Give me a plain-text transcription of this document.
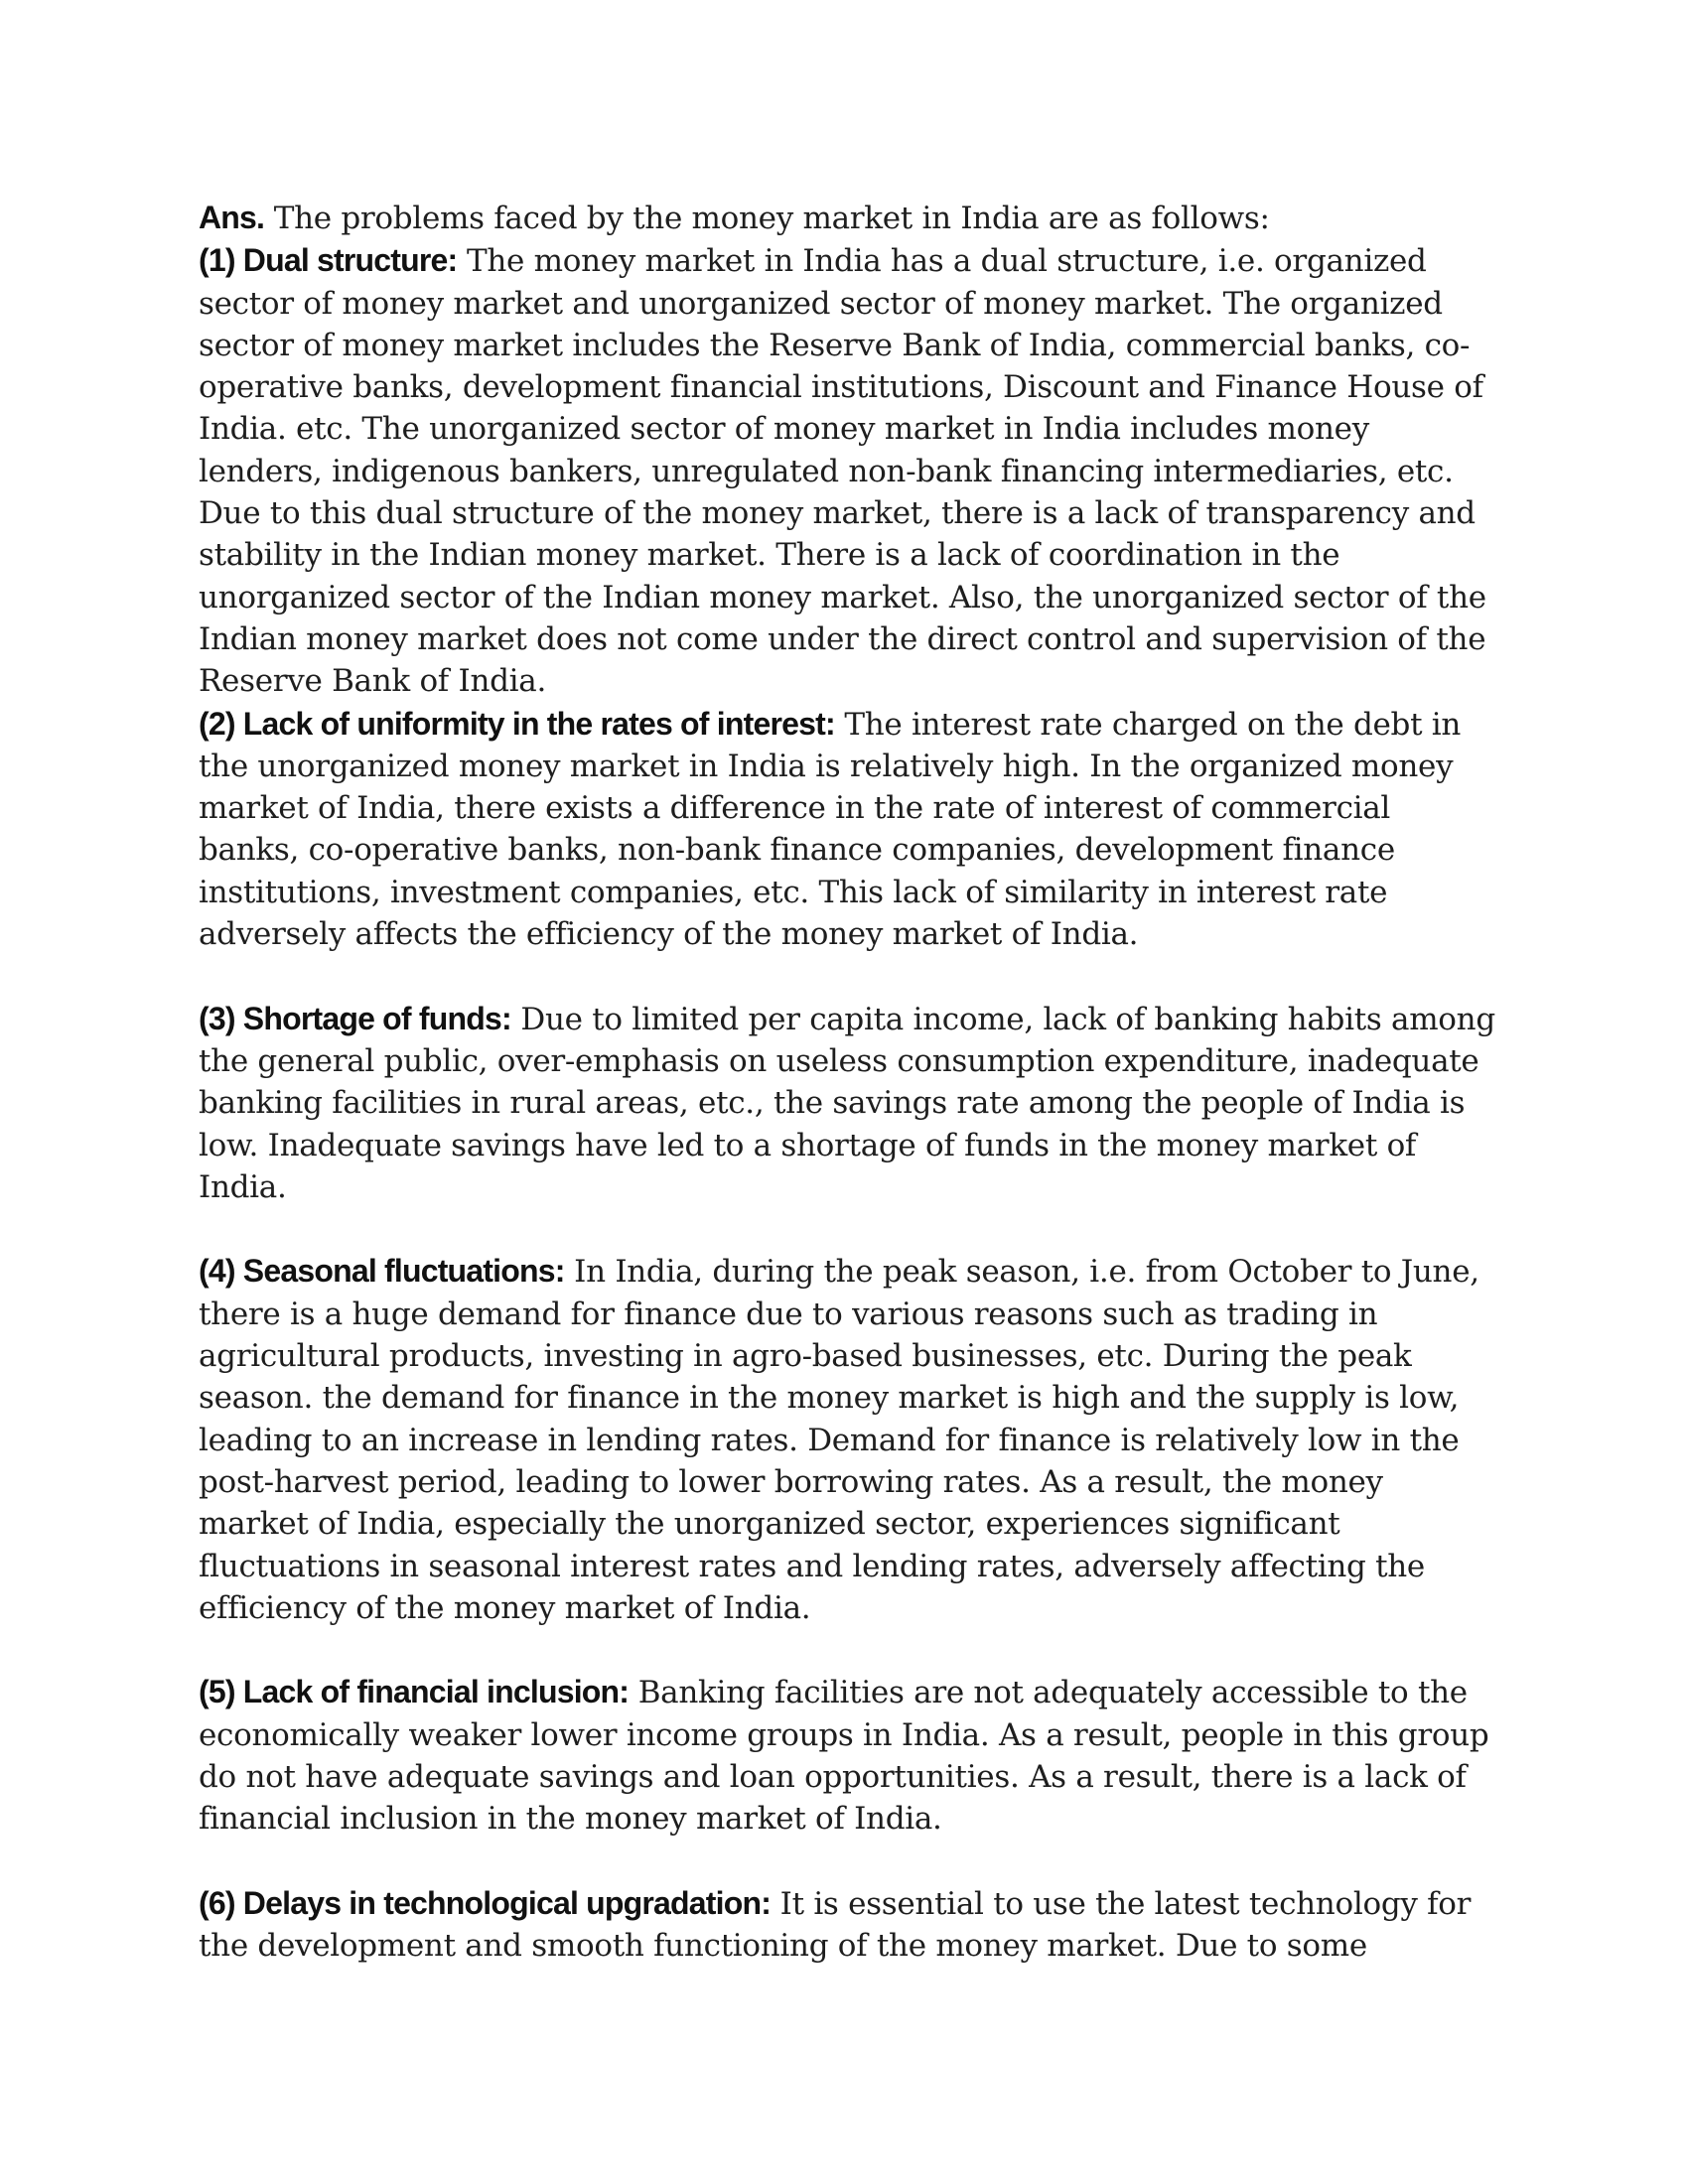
Ans. The problems faced by the money market in India are as follows:

(1) Dual structure: The money market in India has a dual structure, i.e. organized sector of money market and unorganized sector of money market. The organized sector of money market includes the Reserve Bank of India, commercial banks, co-operative banks, development financial institutions, Discount and Finance House of India. etc. The unorganized sector of money market in India includes money lenders, indigenous bankers, unregulated non-bank financing intermediaries, etc. Due to this dual structure of the money market, there is a lack of transparency and stability in the Indian money market. There is a lack of coordination in the unorganized sector of the Indian money market. Also, the unorganized sector of the Indian money market does not come under the direct control and supervision of the Reserve Bank of India.

(2) Lack of uniformity in the rates of interest: The interest rate charged on the debt in the unorganized money market in India is relatively high. In the organized money market of India, there exists a difference in the rate of interest of commercial banks, co-operative banks, non-bank finance companies, development finance institutions, investment companies, etc. This lack of similarity in interest rate adversely affects the efficiency of the money market of India.

(3) Shortage of funds: Due to limited per capita income, lack of banking habits among the general public, over-emphasis on useless consumption expenditure, inadequate banking facilities in rural areas, etc., the savings rate among the people of India is low. Inadequate savings have led to a shortage of funds in the money market of India.

(4) Seasonal fluctuations: In India, during the peak season, i.e. from October to June, there is a huge demand for finance due to various reasons such as trading in agricultural products, investing in agro-based businesses, etc. During the peak season. the demand for finance in the money market is high and the supply is low, leading to an increase in lending rates. Demand for finance is relatively low in the post-harvest period, leading to lower borrowing rates. As a result, the money market of India, especially the unorganized sector, experiences significant fluctuations in seasonal interest rates and lending rates, adversely affecting the efficiency of the money market of India.

(5) Lack of financial inclusion: Banking facilities are not adequately accessible to the economically weaker lower income groups in India. As a result, people in this group do not have adequate savings and loan opportunities. As a result, there is a lack of financial inclusion in the money market of India.

(6) Delays in technological upgradation: It is essential to use the latest technology for the development and smooth functioning of the money market. Due to some
